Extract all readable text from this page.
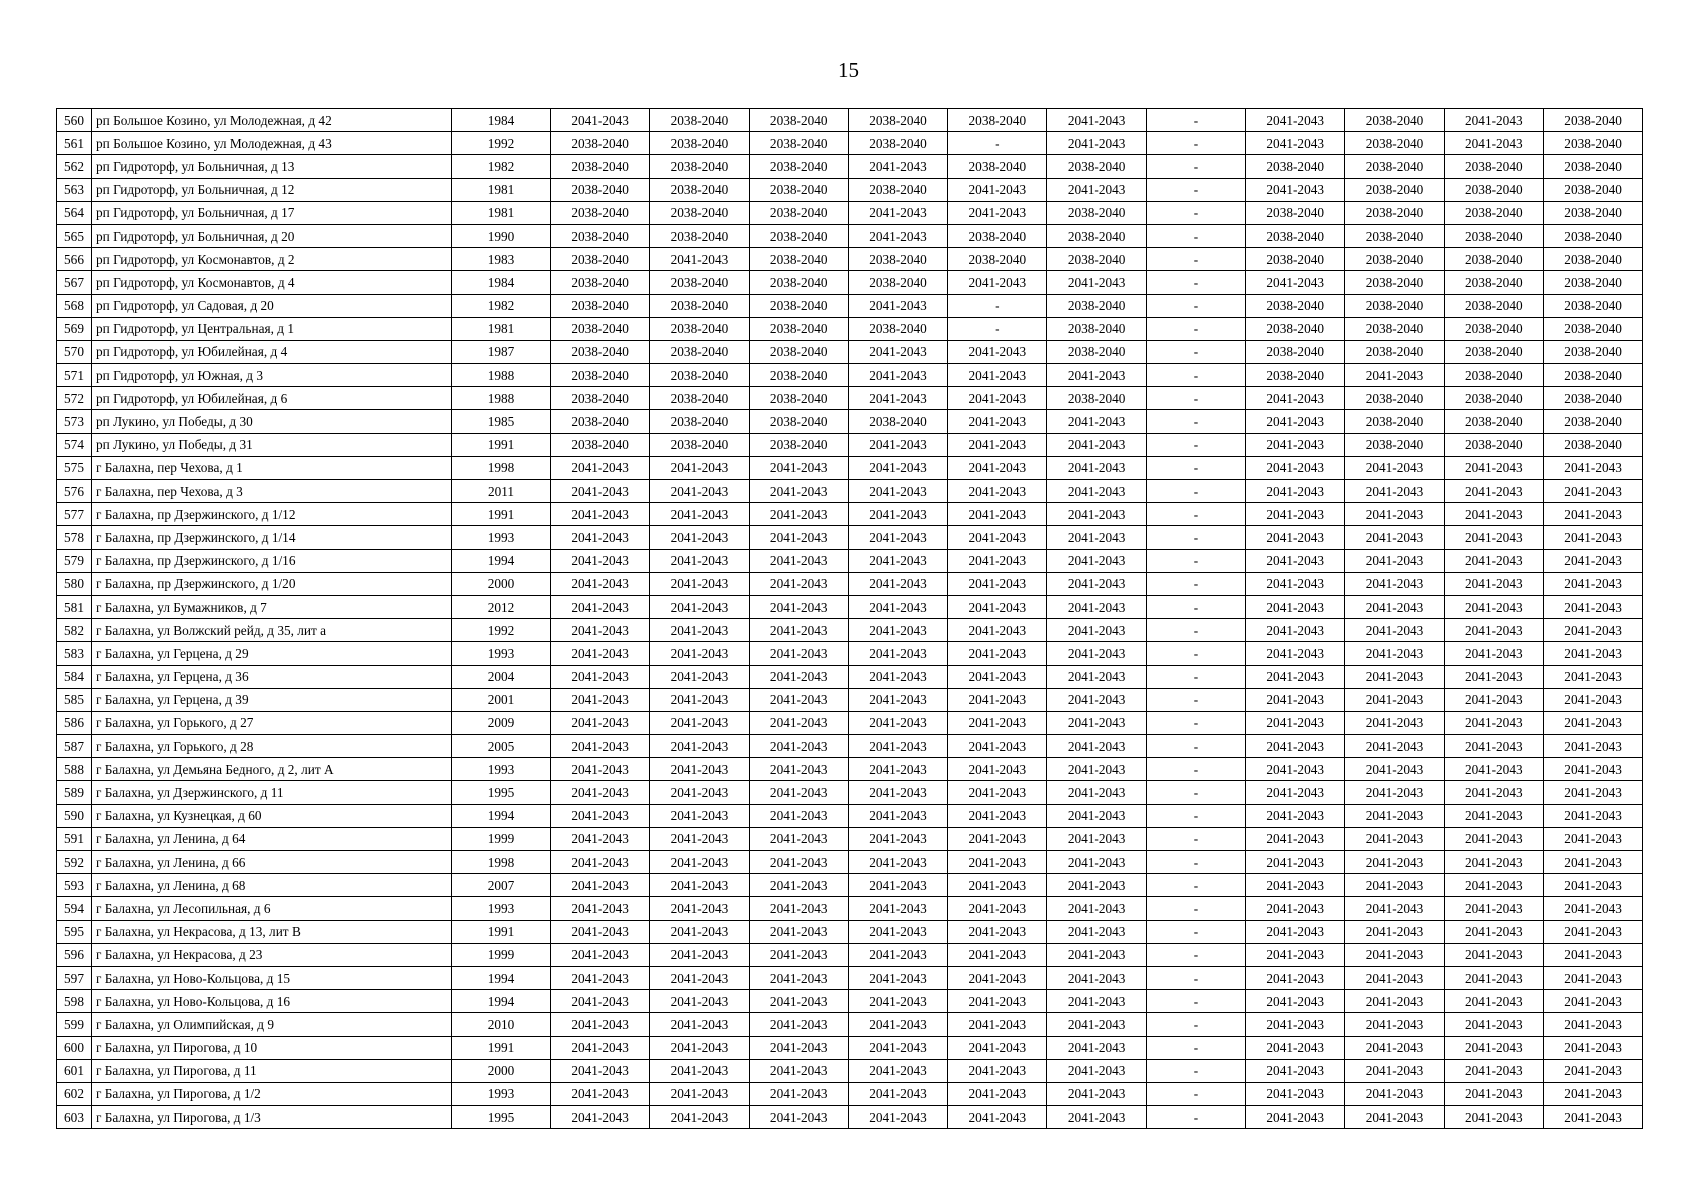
15
560	рп Большое Козино, ул Молодежная, д 42	1984	2041-2043	2038-2040	2038-2040	2038-2040	2038-2040	2041-2043	-	2041-2043	2038-2040	2041-2043	2038-2040
561	рп Большое Козино, ул Молодежная, д 43	1992	2038-2040	2038-2040	2038-2040	2038-2040	-	2041-2043	-	2041-2043	2038-2040	2041-2043	2038-2040
562	рп Гидроторф, ул Больничная, д 13	1982	2038-2040	2038-2040	2038-2040	2041-2043	2038-2040	2038-2040	-	2038-2040	2038-2040	2038-2040	2038-2040
563	рп Гидроторф, ул Больничная, д 12	1981	2038-2040	2038-2040	2038-2040	2038-2040	2041-2043	2041-2043	-	2041-2043	2038-2040	2038-2040	2038-2040
564	рп Гидроторф, ул Больничная, д 17	1981	2038-2040	2038-2040	2038-2040	2041-2043	2041-2043	2038-2040	-	2038-2040	2038-2040	2038-2040	2038-2040
565	рп Гидроторф, ул Больничная, д 20	1990	2038-2040	2038-2040	2038-2040	2041-2043	2038-2040	2038-2040	-	2038-2040	2038-2040	2038-2040	2038-2040
566	рп Гидроторф, ул Космонавтов, д 2	1983	2038-2040	2041-2043	2038-2040	2038-2040	2038-2040	2038-2040	-	2038-2040	2038-2040	2038-2040	2038-2040
567	рп Гидроторф, ул Космонавтов, д 4	1984	2038-2040	2038-2040	2038-2040	2038-2040	2041-2043	2041-2043	-	2041-2043	2038-2040	2038-2040	2038-2040
568	рп Гидроторф, ул Садовая, д 20	1982	2038-2040	2038-2040	2038-2040	2041-2043	-	2038-2040	-	2038-2040	2038-2040	2038-2040	2038-2040
569	рп Гидроторф, ул Центральная, д 1	1981	2038-2040	2038-2040	2038-2040	2038-2040	-	2038-2040	-	2038-2040	2038-2040	2038-2040	2038-2040
570	рп Гидроторф, ул Юбилейная, д 4	1987	2038-2040	2038-2040	2038-2040	2041-2043	2041-2043	2038-2040	-	2038-2040	2038-2040	2038-2040	2038-2040
571	рп Гидроторф, ул Южная, д 3	1988	2038-2040	2038-2040	2038-2040	2041-2043	2041-2043	2041-2043	-	2038-2040	2041-2043	2038-2040	2038-2040
572	рп Гидроторф, ул Юбилейная, д 6	1988	2038-2040	2038-2040	2038-2040	2041-2043	2041-2043	2038-2040	-	2041-2043	2038-2040	2038-2040	2038-2040
573	рп Лукино, ул Победы, д 30	1985	2038-2040	2038-2040	2038-2040	2038-2040	2041-2043	2041-2043	-	2041-2043	2038-2040	2038-2040	2038-2040
574	рп Лукино, ул Победы, д 31	1991	2038-2040	2038-2040	2038-2040	2041-2043	2041-2043	2041-2043	-	2041-2043	2038-2040	2038-2040	2038-2040
575	г Балахна, пер Чехова, д 1	1998	2041-2043	2041-2043	2041-2043	2041-2043	2041-2043	2041-2043	-	2041-2043	2041-2043	2041-2043	2041-2043
576	г Балахна, пер Чехова, д 3	2011	2041-2043	2041-2043	2041-2043	2041-2043	2041-2043	2041-2043	-	2041-2043	2041-2043	2041-2043	2041-2043
577	г Балахна, пр Дзержинского, д 1/12	1991	2041-2043	2041-2043	2041-2043	2041-2043	2041-2043	2041-2043	-	2041-2043	2041-2043	2041-2043	2041-2043
578	г Балахна, пр Дзержинского, д 1/14	1993	2041-2043	2041-2043	2041-2043	2041-2043	2041-2043	2041-2043	-	2041-2043	2041-2043	2041-2043	2041-2043
579	г Балахна, пр Дзержинского, д 1/16	1994	2041-2043	2041-2043	2041-2043	2041-2043	2041-2043	2041-2043	-	2041-2043	2041-2043	2041-2043	2041-2043
580	г Балахна, пр Дзержинского, д 1/20	2000	2041-2043	2041-2043	2041-2043	2041-2043	2041-2043	2041-2043	-	2041-2043	2041-2043	2041-2043	2041-2043
581	г Балахна, ул Бумажников, д 7	2012	2041-2043	2041-2043	2041-2043	2041-2043	2041-2043	2041-2043	-	2041-2043	2041-2043	2041-2043	2041-2043
582	г Балахна, ул Волжский рейд, д 35, лит а	1992	2041-2043	2041-2043	2041-2043	2041-2043	2041-2043	2041-2043	-	2041-2043	2041-2043	2041-2043	2041-2043
583	г Балахна, ул Герцена, д 29	1993	2041-2043	2041-2043	2041-2043	2041-2043	2041-2043	2041-2043	-	2041-2043	2041-2043	2041-2043	2041-2043
584	г Балахна, ул Герцена, д 36	2004	2041-2043	2041-2043	2041-2043	2041-2043	2041-2043	2041-2043	-	2041-2043	2041-2043	2041-2043	2041-2043
585	г Балахна, ул Герцена, д 39	2001	2041-2043	2041-2043	2041-2043	2041-2043	2041-2043	2041-2043	-	2041-2043	2041-2043	2041-2043	2041-2043
586	г Балахна, ул Горького, д 27	2009	2041-2043	2041-2043	2041-2043	2041-2043	2041-2043	2041-2043	-	2041-2043	2041-2043	2041-2043	2041-2043
587	г Балахна, ул Горького, д 28	2005	2041-2043	2041-2043	2041-2043	2041-2043	2041-2043	2041-2043	-	2041-2043	2041-2043	2041-2043	2041-2043
588	г Балахна, ул Демьяна Бедного, д 2, лит А	1993	2041-2043	2041-2043	2041-2043	2041-2043	2041-2043	2041-2043	-	2041-2043	2041-2043	2041-2043	2041-2043
589	г Балахна, ул Дзержинского, д 11	1995	2041-2043	2041-2043	2041-2043	2041-2043	2041-2043	2041-2043	-	2041-2043	2041-2043	2041-2043	2041-2043
590	г Балахна, ул Кузнецкая, д 60	1994	2041-2043	2041-2043	2041-2043	2041-2043	2041-2043	2041-2043	-	2041-2043	2041-2043	2041-2043	2041-2043
591	г Балахна, ул Ленина, д 64	1999	2041-2043	2041-2043	2041-2043	2041-2043	2041-2043	2041-2043	-	2041-2043	2041-2043	2041-2043	2041-2043
592	г Балахна, ул Ленина, д 66	1998	2041-2043	2041-2043	2041-2043	2041-2043	2041-2043	2041-2043	-	2041-2043	2041-2043	2041-2043	2041-2043
593	г Балахна, ул Ленина, д 68	2007	2041-2043	2041-2043	2041-2043	2041-2043	2041-2043	2041-2043	-	2041-2043	2041-2043	2041-2043	2041-2043
594	г Балахна, ул Лесопильная, д 6	1993	2041-2043	2041-2043	2041-2043	2041-2043	2041-2043	2041-2043	-	2041-2043	2041-2043	2041-2043	2041-2043
595	г Балахна, ул Некрасова, д 13, лит В	1991	2041-2043	2041-2043	2041-2043	2041-2043	2041-2043	2041-2043	-	2041-2043	2041-2043	2041-2043	2041-2043
596	г Балахна, ул Некрасова, д 23	1999	2041-2043	2041-2043	2041-2043	2041-2043	2041-2043	2041-2043	-	2041-2043	2041-2043	2041-2043	2041-2043
597	г Балахна, ул Ново-Кольцова, д 15	1994	2041-2043	2041-2043	2041-2043	2041-2043	2041-2043	2041-2043	-	2041-2043	2041-2043	2041-2043	2041-2043
598	г Балахна, ул Ново-Кольцова, д 16	1994	2041-2043	2041-2043	2041-2043	2041-2043	2041-2043	2041-2043	-	2041-2043	2041-2043	2041-2043	2041-2043
599	г Балахна, ул Олимпийская, д 9	2010	2041-2043	2041-2043	2041-2043	2041-2043	2041-2043	2041-2043	-	2041-2043	2041-2043	2041-2043	2041-2043
600	г Балахна, ул Пирогова, д 10	1991	2041-2043	2041-2043	2041-2043	2041-2043	2041-2043	2041-2043	-	2041-2043	2041-2043	2041-2043	2041-2043
601	г Балахна, ул Пирогова, д 11	2000	2041-2043	2041-2043	2041-2043	2041-2043	2041-2043	2041-2043	-	2041-2043	2041-2043	2041-2043	2041-2043
602	г Балахна, ул Пирогова, д 1/2	1993	2041-2043	2041-2043	2041-2043	2041-2043	2041-2043	2041-2043	-	2041-2043	2041-2043	2041-2043	2041-2043
603	г Балахна, ул Пирогова, д 1/3	1995	2041-2043	2041-2043	2041-2043	2041-2043	2041-2043	2041-2043	-	2041-2043	2041-2043	2041-2043	2041-2043
